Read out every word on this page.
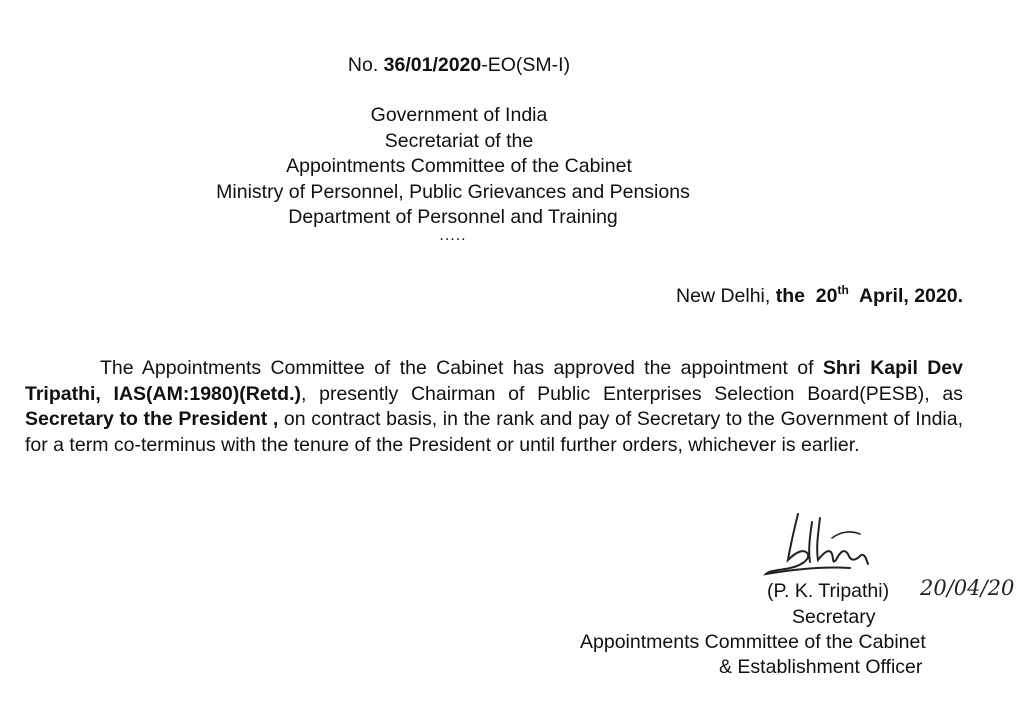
No. 36/01/2020-EO(SM-I)
Government of India
Secretariat of the
Appointments Committee of the Cabinet
Ministry of Personnel, Public Grievances and Pensions
Department of Personnel and Training
.....
New Delhi, the  20th  April, 2020.
The Appointments Committee of the Cabinet has approved the appointment of Shri Kapil Dev Tripathi, IAS(AM:1980)(Retd.), presently Chairman of Public Enterprises Selection Board(PESB), as Secretary to the President , on contract basis, in the rank and pay of Secretary to the Government of India, for a term co-terminus with the tenure of the President or until further orders, whichever is earlier.
(P. K. Tripathi) 20/04/20
Secretary
Appointments Committee of the Cabinet
& Establishment Officer
